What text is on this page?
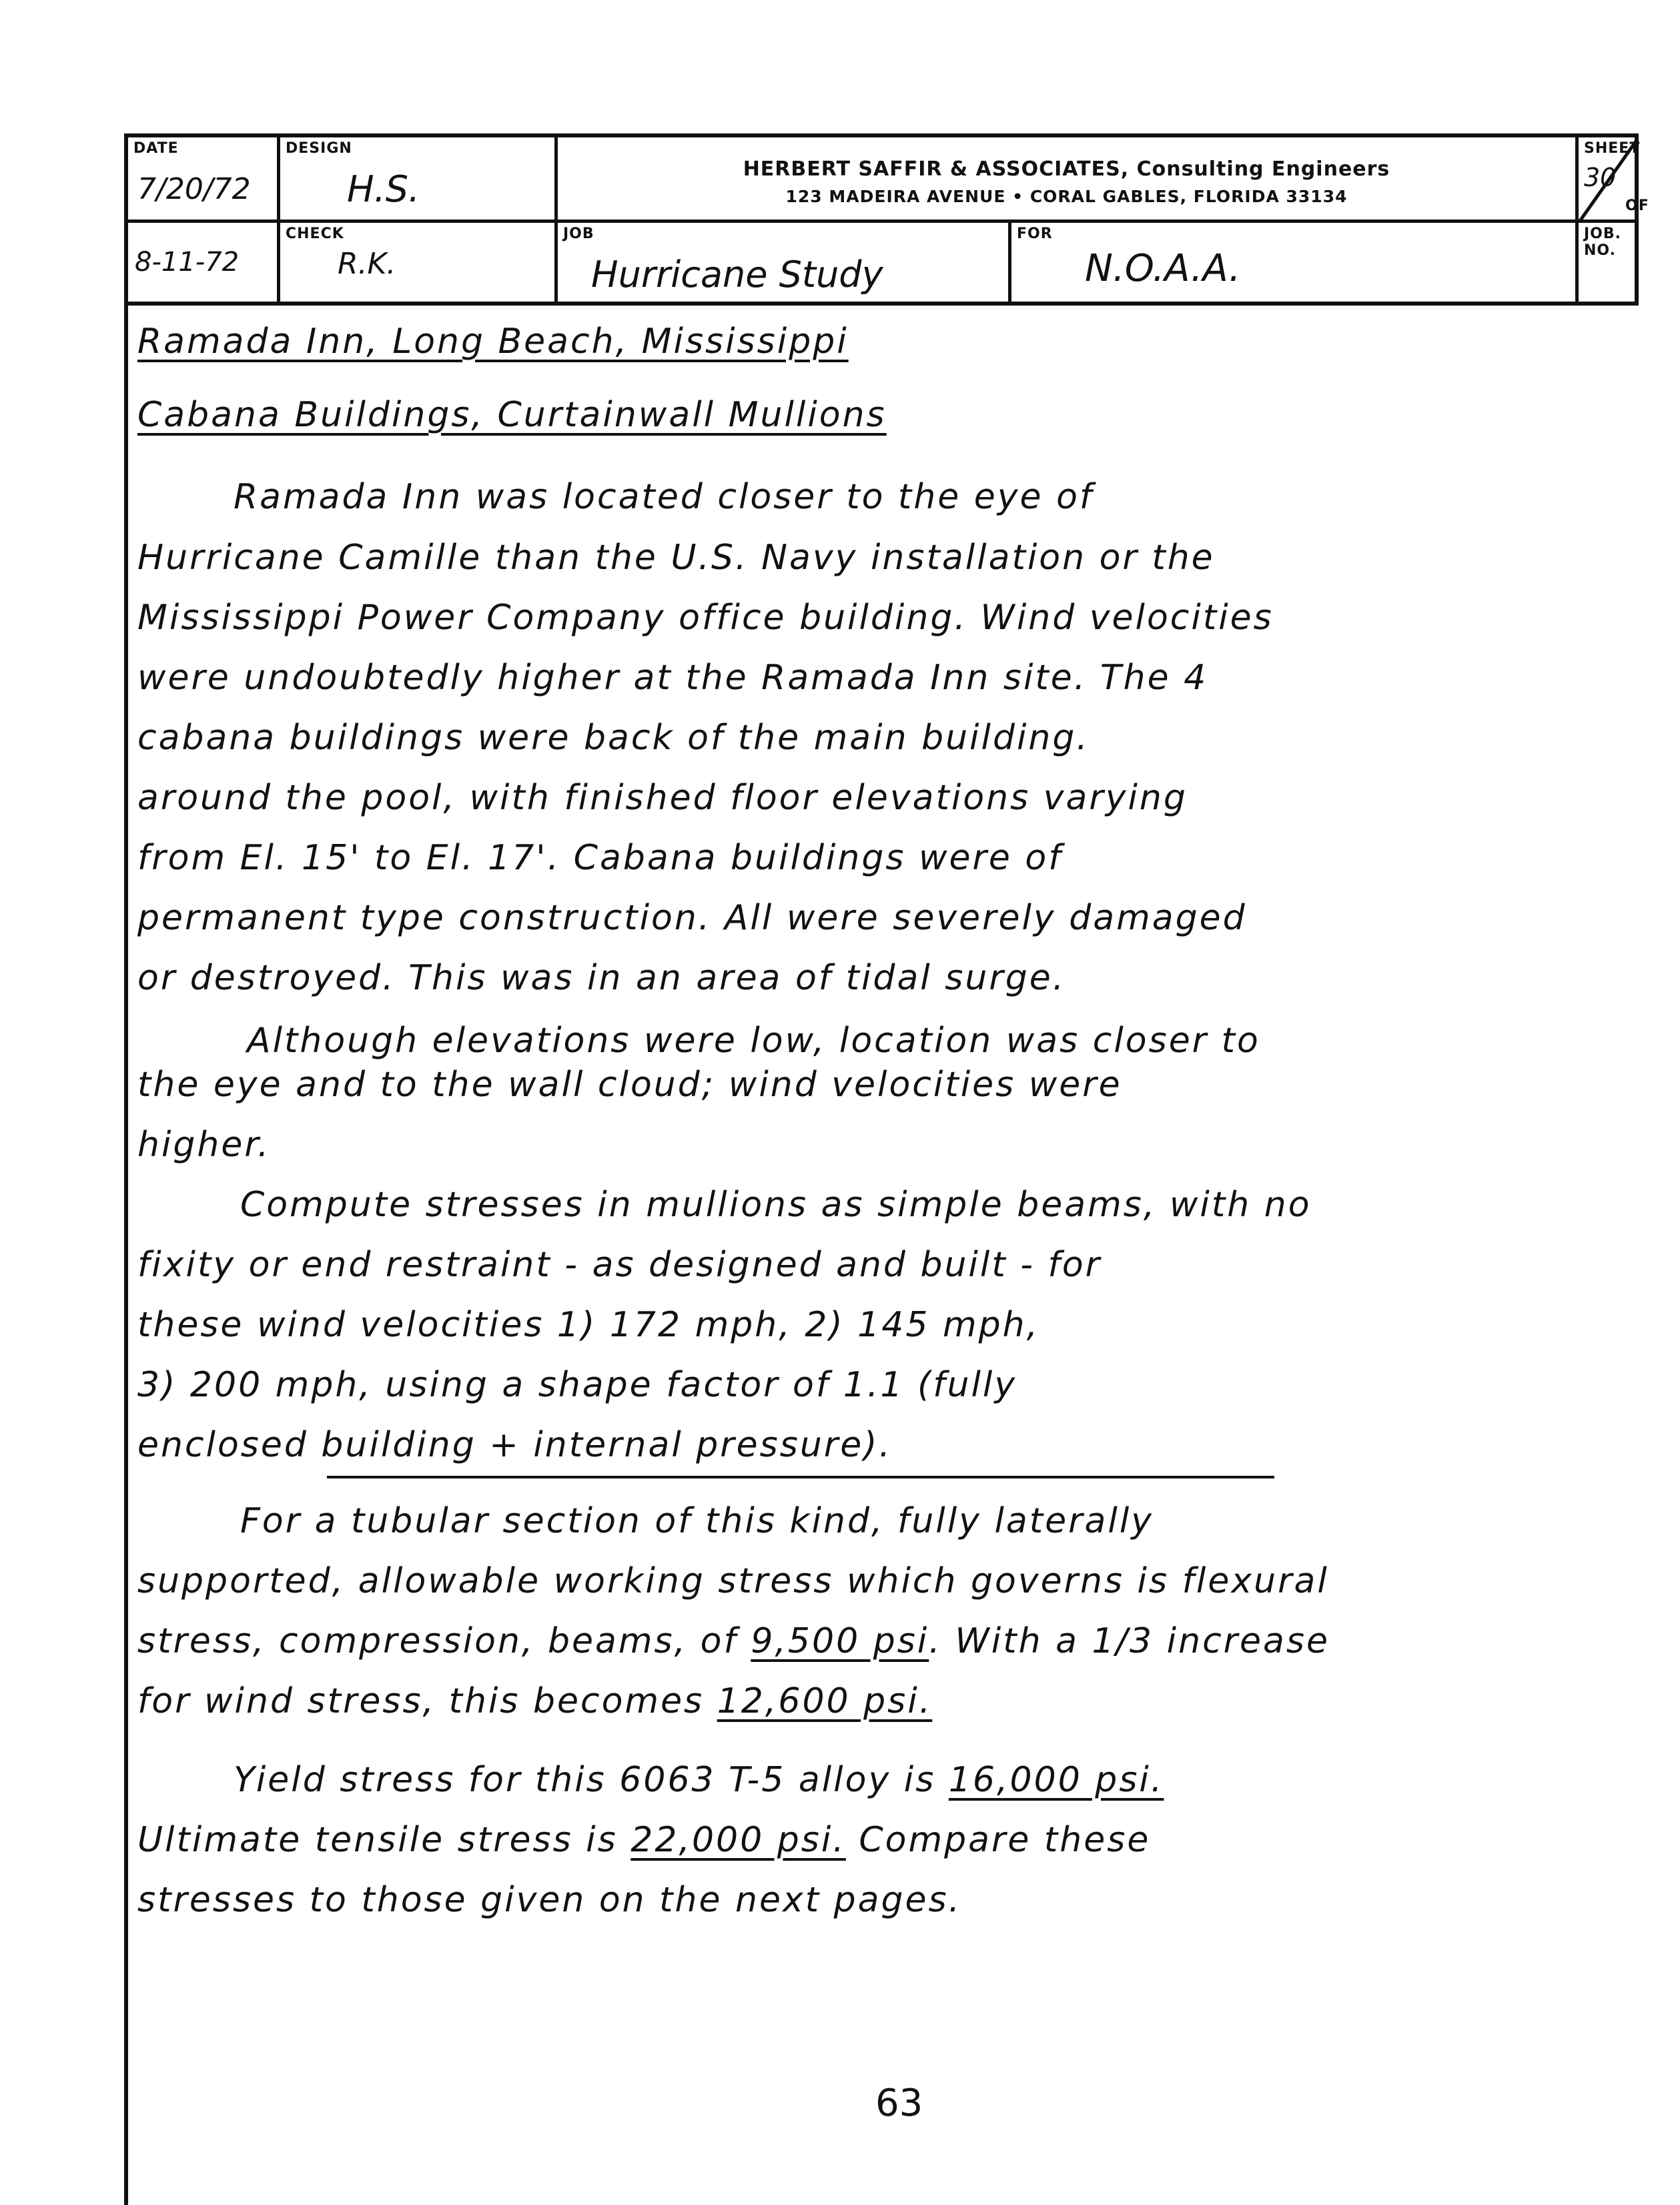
DATE
7/20/72
DESIGN
H.S.	HERBERT SAFFIR & ASSOCIATES, Consulting Engineers
123 MADEIRA AVENUE • CORAL GABLES, FLORIDA 33134
SHEET
30
OF
8-11-72
CHECK
R.K.
JOB
Hurricane Study
FOR
N.O.A.A.
JOB. NO.
Ramada Inn, Long Beach, Mississippi
Cabana Buildings, Curtainwall Mullions
Ramada Inn was located closer to the eye of
Hurricane Camille than the U.S. Navy installation or the
Mississippi Power Company office building. Wind velocities
were undoubtedly higher at the Ramada Inn site. The 4
cabana buildings were back of the main building.
around the pool, with finished floor elevations varying
from El. 15' to El. 17'. Cabana buildings were of
permanent type construction. All were severely damaged
or destroyed. This was in an area of tidal surge.
Although elevations were low, location was closer to
the eye and to the wall cloud; wind velocities were
higher.
Compute stresses in mullions as simple beams, with no
fixity or end restraint - as designed and built - for
these wind velocities 1) 172 mph, 2) 145 mph,
3) 200 mph, using a shape factor of 1.1 (fully
enclosed building + internal pressure).
For a tubular section of this kind, fully laterally
supported, allowable working stress which governs is flexural
stress, compression, beams, of 9,500 psi. With a 1/3 increase
for wind stress, this becomes 12,600 psi.
Yield stress for this 6063 T-5 alloy is 16,000 psi.
Ultimate tensile stress is 22,000 psi. Compare these
stresses to those given on the next pages.
63
